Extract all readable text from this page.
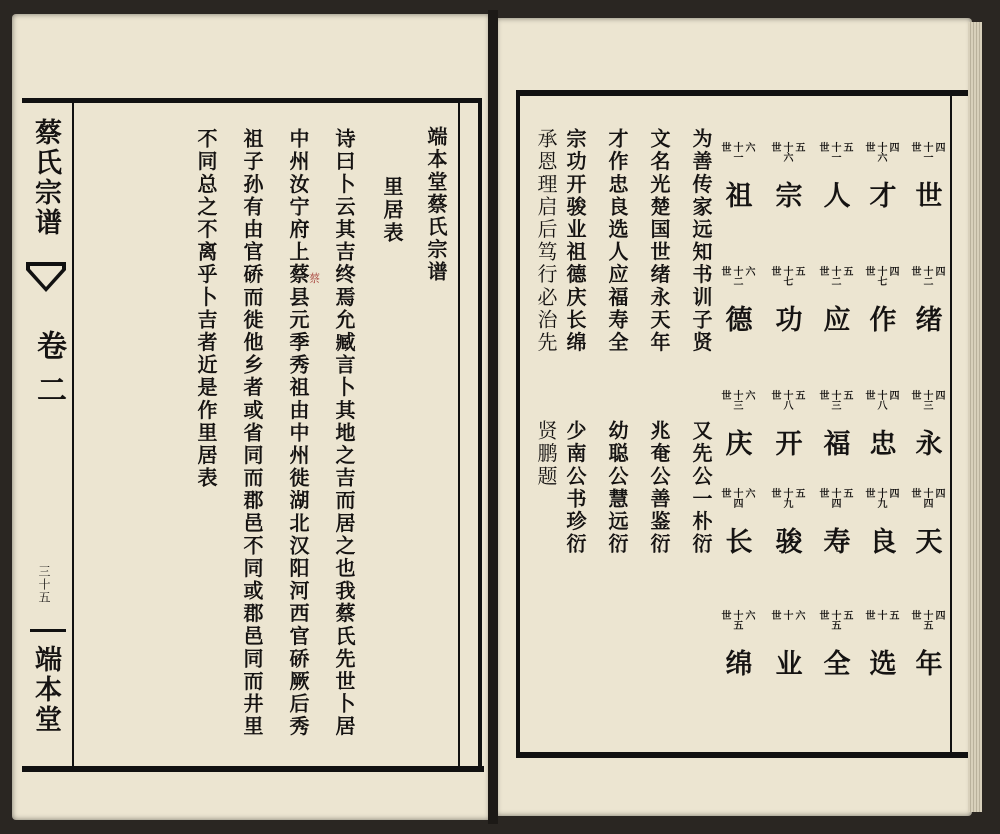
蔡氏宗谱
卷二
三十五
端本堂
端本堂蔡氏宗谱
里居表
诗曰卜云其吉终焉允臧言卜其地之吉而居之也我蔡氏先世卜居
中州汝宁府上蔡县元季秀祖由中州徙湖北汉阳河西官硚厥后秀
祖子孙有由官硚而徙他乡者或省同而郡邑不同或郡邑同而井里
不同总之不离乎卜吉者近是作里居表	蔡
四
十一
世
世
四
十二
世
绪
四
十三
世
永
四
十四
世
天
四
十五
世
年
四
十六
世
才
四
十七
世
作
四
十八
世
忠
四
十九
世
良
五
十
世
选
五
十一
世
人
五
十二
世
应
五
十三
世
福
五
十四
世
寿
五
十五
世
全
五
十六
世
宗
五
十七
世
功
五
十八
世
开
五
十九
世
骏
六
十
世
业
六
十一
世
祖
六
十二
世
德
六
十三
世
庆
六
十四
世
长
六
十五
世
绵
为善传家远知书训子贤
又先公一朴衍
文名光楚国世绪永天年
兆奄公善鉴衍
才作忠良选人应福寿全
幼聪公慧远衍
宗功开骏业祖德庆长绵
少南公书珍衍
承恩理启后笃行必治先
贤鹏题
